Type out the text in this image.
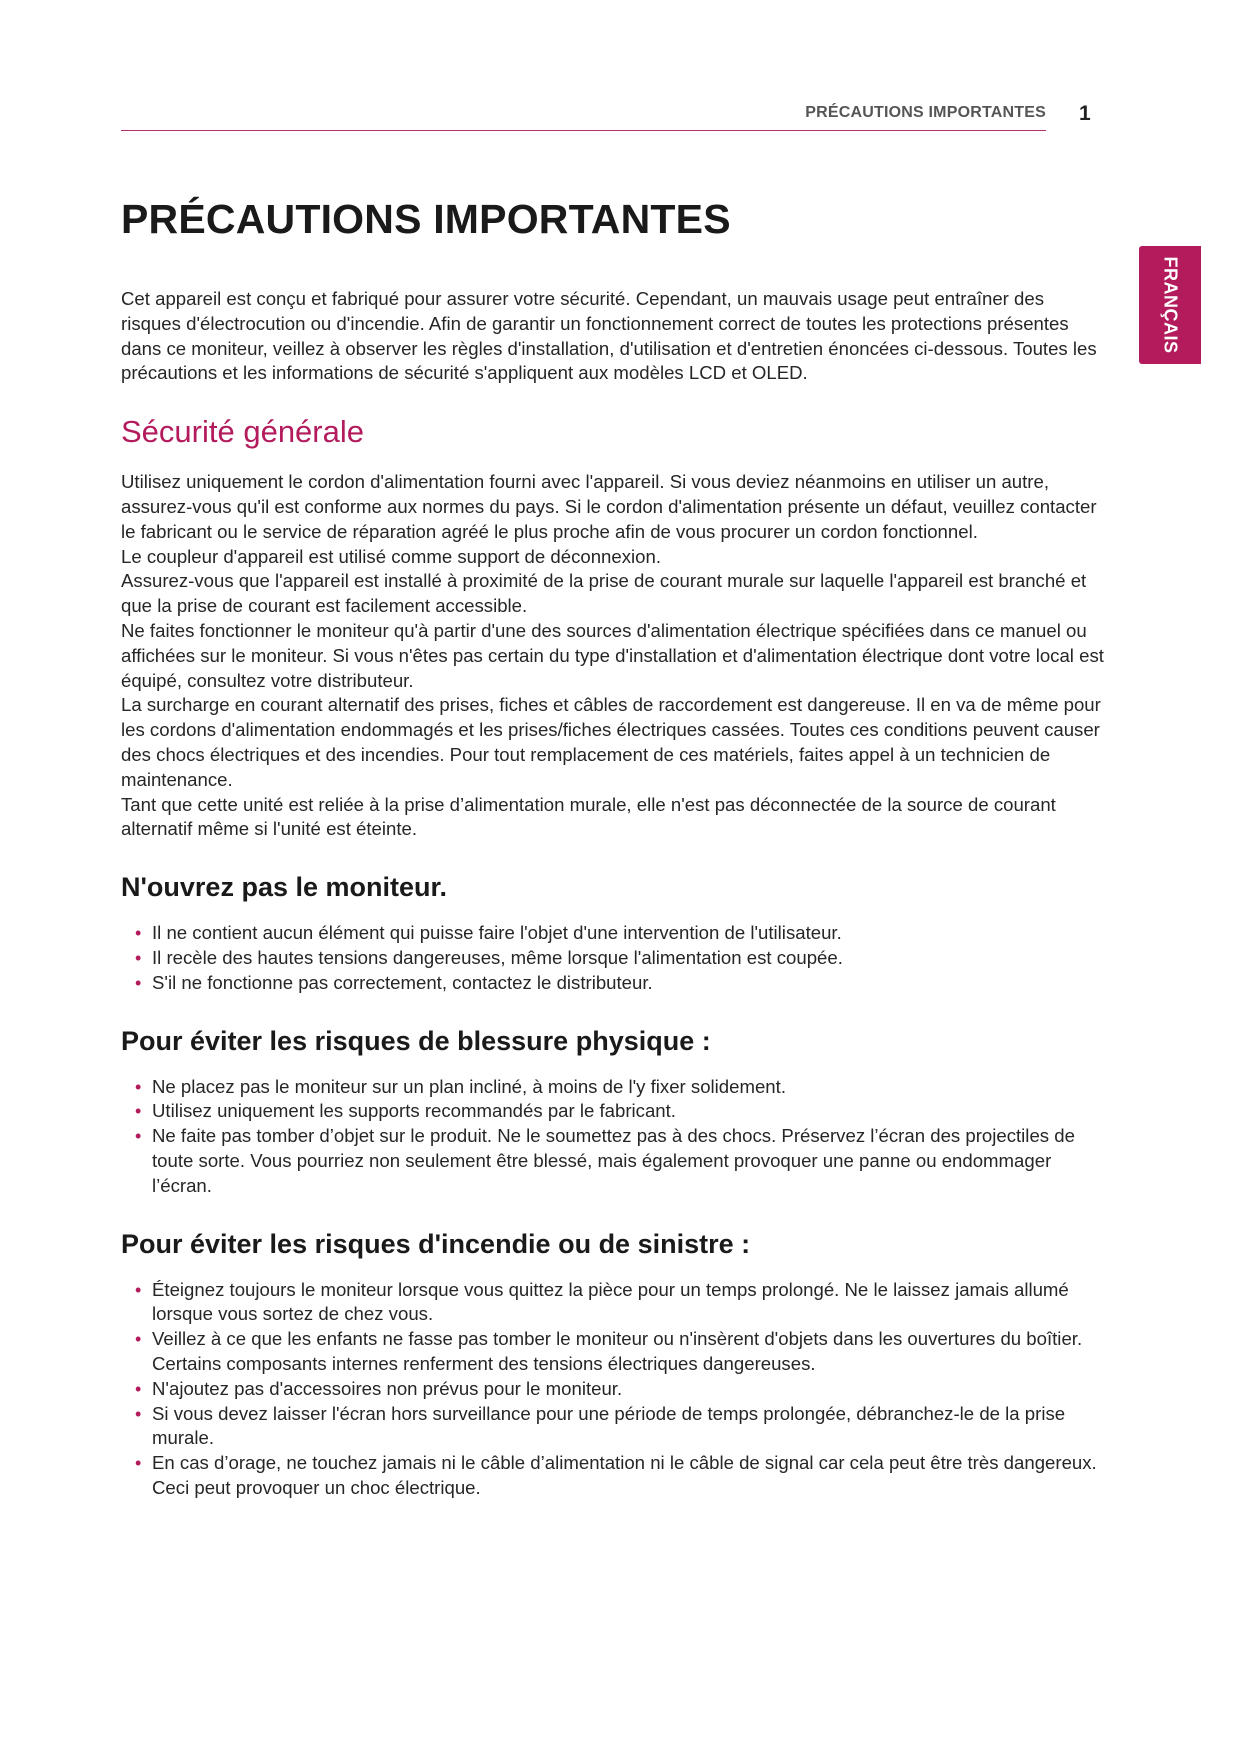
PRÉCAUTIONS IMPORTANTES 1
FRANÇAIS
PRÉCAUTIONS IMPORTANTES

Cet appareil est conçu et fabriqué pour assurer votre sécurité. Cependant, un mauvais usage peut entraîner des risques d'électrocution ou d'incendie. Afin de garantir un fonctionnement correct de toutes les protections présentes dans ce moniteur, veillez à observer les règles d'installation, d'utilisation et d'entretien énoncées ci-dessous. Toutes les précautions et les informations de sécurité s'appliquent aux modèles LCD et OLED.

Sécurité générale

Utilisez uniquement le cordon d'alimentation fourni avec l'appareil. Si vous deviez néanmoins en utiliser un autre, assurez-vous qu'il est conforme aux normes du pays. Si le cordon d'alimentation présente un défaut, veuillez contacter le fabricant ou le service de réparation agréé le plus proche afin de vous procurer un cordon fonctionnel.

Le coupleur d'appareil est utilisé comme support de déconnexion.

Assurez-vous que l'appareil est installé à proximité de la prise de courant murale sur laquelle l'appareil est branché et que la prise de courant est facilement accessible.

Ne faites fonctionner le moniteur qu'à partir d'une des sources d'alimentation électrique spécifiées dans ce manuel ou affichées sur le moniteur. Si vous n'êtes pas certain du type d'installation et d'alimentation électrique dont votre local est équipé, consultez votre distributeur.

La surcharge en courant alternatif des prises, fiches et câbles de raccordement est dangereuse. Il en va de même pour les cordons d'alimentation endommagés et les prises/fiches électriques cassées. Toutes ces conditions peuvent causer des chocs électriques et des incendies. Pour tout remplacement de ces matériels, faites appel à un technicien de maintenance.

Tant que cette unité est reliée à la prise d’alimentation murale, elle n'est pas déconnectée de la source de courant alternatif même si l'unité est éteinte.

N'ouvrez pas le moniteur.
• Il ne contient aucun élément qui puisse faire l'objet d'une intervention de l'utilisateur.
• Il recèle des hautes tensions dangereuses, même lorsque l'alimentation est coupée.
• S'il ne fonctionne pas correctement, contactez le distributeur.
Pour éviter les risques de blessure physique :
• Ne placez pas le moniteur sur un plan incliné, à moins de l'y fixer solidement.
• Utilisez uniquement les supports recommandés par le fabricant.
• Ne faite pas tomber d’objet sur le produit. Ne le soumettez pas à des chocs. Préservez l’écran des projectiles de toute sorte. Vous pourriez non seulement être blessé, mais également provoquer une panne ou endommager l’écran.
Pour éviter les risques d'incendie ou de sinistre :
• Éteignez toujours le moniteur lorsque vous quittez la pièce pour un temps prolongé. Ne le laissez jamais allumé lorsque vous sortez de chez vous.
• Veillez à ce que les enfants ne fasse pas tomber le moniteur ou n'insèrent d'objets dans les ouvertures du boîtier. Certains composants internes renferment des tensions électriques dangereuses.
• N'ajoutez pas d'accessoires non prévus pour le moniteur.
• Si vous devez laisser l'écran hors surveillance pour une période de temps prolongée, débranchez-le de la prise murale.
• En cas d’orage, ne touchez jamais ni le câble d’alimentation ni le câble de signal car cela peut être très dangereux. Ceci peut provoquer un choc électrique.
